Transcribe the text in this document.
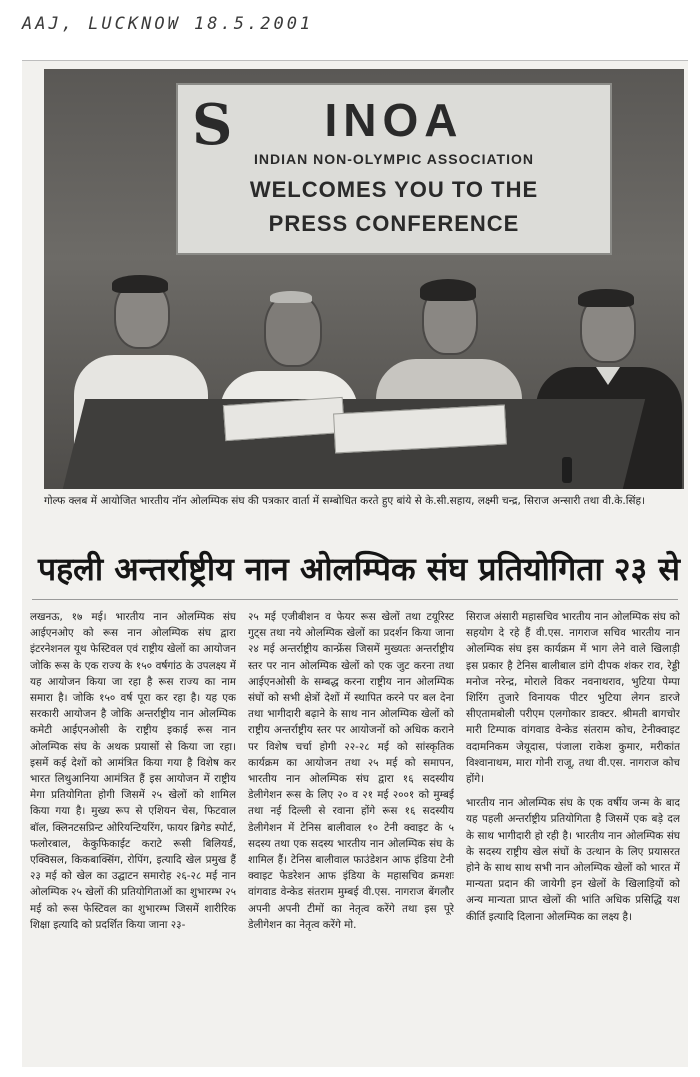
AAJ, LUCKNOW 18.5.2001
S	INOA
INDIAN NON-OLYMPIC ASSOCIATION
WELCOMES YOU TO THE
PRESS CONFERENCE
गोल्फ क्लब में आयोजित भारतीय नॉन ओलम्पिक संघ की पत्रकार वार्ता में सम्बोधित करते हुए बांये से के.सी.सहाय, लक्ष्मी चन्द्र, सिराज अन्सारी तथा वी.के.सिंह।
पहली अन्तर्राष्ट्रीय नान ओलम्पिक संघ प्रतियोगिता २३ से

लखनऊ, १७ मई। भारतीय नान ओलम्पिक संघ आईएनओए को रूस नान ओलम्पिक संघ द्वारा इंटरनेशनल यूथ फेस्टिवल एवं राष्ट्रीय खेलों का आयोजन जोकि रूस के एक राज्य के १५० वर्षगांठ के उपलक्ष्य में यह आयोजन किया जा रहा है रूस राज्य का नाम समारा है। जोकि १५० वर्ष पूरा कर रहा है। यह एक सरकारी आयोजन है जोकि अन्तर्राष्ट्रीय नान ओलम्पिक कमेटी आईएनओसी के राष्ट्रीय इकाई रूस नान ओलम्पिक संघ के अथक प्रयासों से किया जा रहा। इसमें कई देशों को आमंत्रित किया गया है विशेष कर भारत लिथुआनिया आमंत्रित हैं इस आयोजन में राष्ट्रीय मेगा प्रतियोगिता होगी जिसमें २५ खेलों को शामिल किया गया है। मुख्य रूप से एशियन चेस, फिटवाल बॉल, क्लिनटसप्रिन्ट ओरियन्टियरिंग, फायर ब्रिगेड स्पोर्ट, फलोरबाल, केकुफिकाईट कराटे रूसी बिलियर्ड, एक्विसल, किकबाक्सिंग, रोपिंग, इत्यादि खेल प्रमुख हैं २३ मई को खेल का उद्घाटन समारोह २६-२८ मई नान ओलम्पिक २५ खेलों की प्रतियोगिताओं का शुभारम्भ २५ मई को रूस फेस्टिवल का शुभारम्भ जिसमें शारीरिक शिक्षा इत्यादि को प्रदर्शित किया जाना २३-

२५ मई एजीबीशन व फेयर रूस खेलों तथा टयूरिस्ट गुट्स तथा नये ओलम्पिक खेलों का प्रदर्शन किया जाना २४ मई अन्तर्राष्ट्रीय कान्फ्रेंस जिसमें मुख्यतः अन्तर्राष्ट्रीय स्तर पर नान ओलम्पिक खेलों को एक जुट करना तथा आईएनओसी के सम्बद्ध करना राष्ट्रीय नान ओलम्पिक संघों को सभी क्षेत्रों देशों में स्थापित करने पर बल देना तथा भागीदारी बढ़ाने के साथ नान ओलम्पिक खेलों को राष्ट्रीय अन्तर्राष्ट्रीय स्तर पर आयोजनों को अधिक कराने पर विशेष चर्चा होगी २२-२८ मई को सांस्कृतिक कार्यक्रम का आयोजन तथा २५ मई को समापन, भारतीय नान ओलम्पिक संघ द्वारा १६ सदस्यीय डेलीगेशन रूस के लिए २० व २१ मई २००१ को मुम्बई तथा नई दिल्ली से रवाना होंगे रूस १६ सदस्यीय डेलीगेशन में टेनिस बालीवाल १० टेनी क्वाइट के ५ सदस्य तथा एक सदस्य भारतीय नान ओलम्पिक संघ के शामिल हैं। टेनिस बालीवाल फाउंडेशन आफ इंडिया टेनी क्वाइट फेडरेशन आफ इंडिया के महासचिव क्रमशः वांगवाड वेन्केड संतराम मुम्बई वी.एस. नागराज बेंगलौर अपनी अपनी टीमों का नेतृत्व करेंगे तथा इस पूरे डेलीगेशन का नेतृत्व करेंगे मो.

सिराज अंसारी महासचिव भारतीय नान ओलम्पिक संघ को सहयोग दे रहे हैं वी.एस. नागराज सचिव भारतीय नान ओलम्पिक संघ इस कार्यक्रम में भाग लेने वाले खिलाड़ी इस प्रकार है टेनिस बालीबाल डांगे दीपक शंकर राव, रेड्डी मनोज नरेन्द्र, मोराले विकर नवनाथराव, भुटिया पेम्पा शिरिंग तुजारे विनायक पीटर भुटिया लेगन डारजे सीएतामबोली परीएम एलगोकार डाक्टर. श्रीमती बागचोर मारी टिम्पाक वांगवाड वेन्केड संतराम कोच, टेनीक्वाइट वदामनिकम जेयूदास, पंजाला राकेश कुमार, मरीकांत विश्वानाथम, मारा गोनी राजू, तथा वी.एस. नागराज कोच होंगे।

भारतीय नान ओलम्पिक संघ के एक वर्षीय जन्म के बाद यह पहली अन्तर्राष्ट्रीय प्रतियोगिता है जिसमें एक बड़े दल के साथ भागीदारी हो रही है। भारतीय नान ओलम्पिक संघ के सदस्य राष्ट्रीय खेल संघों के उत्थान के लिए प्रयासरत होने के साथ साथ सभी नान ओलम्पिक खेलों को भारत में मान्यता प्रदान की जायेगी इन खेलों के खिलाड़ियों को अन्य मान्यता प्राप्त खेलों की भांति अधिक प्रसिद्धि यश कीर्ति इत्यादि दिलाना ओलम्पिक का लक्ष्य है।
